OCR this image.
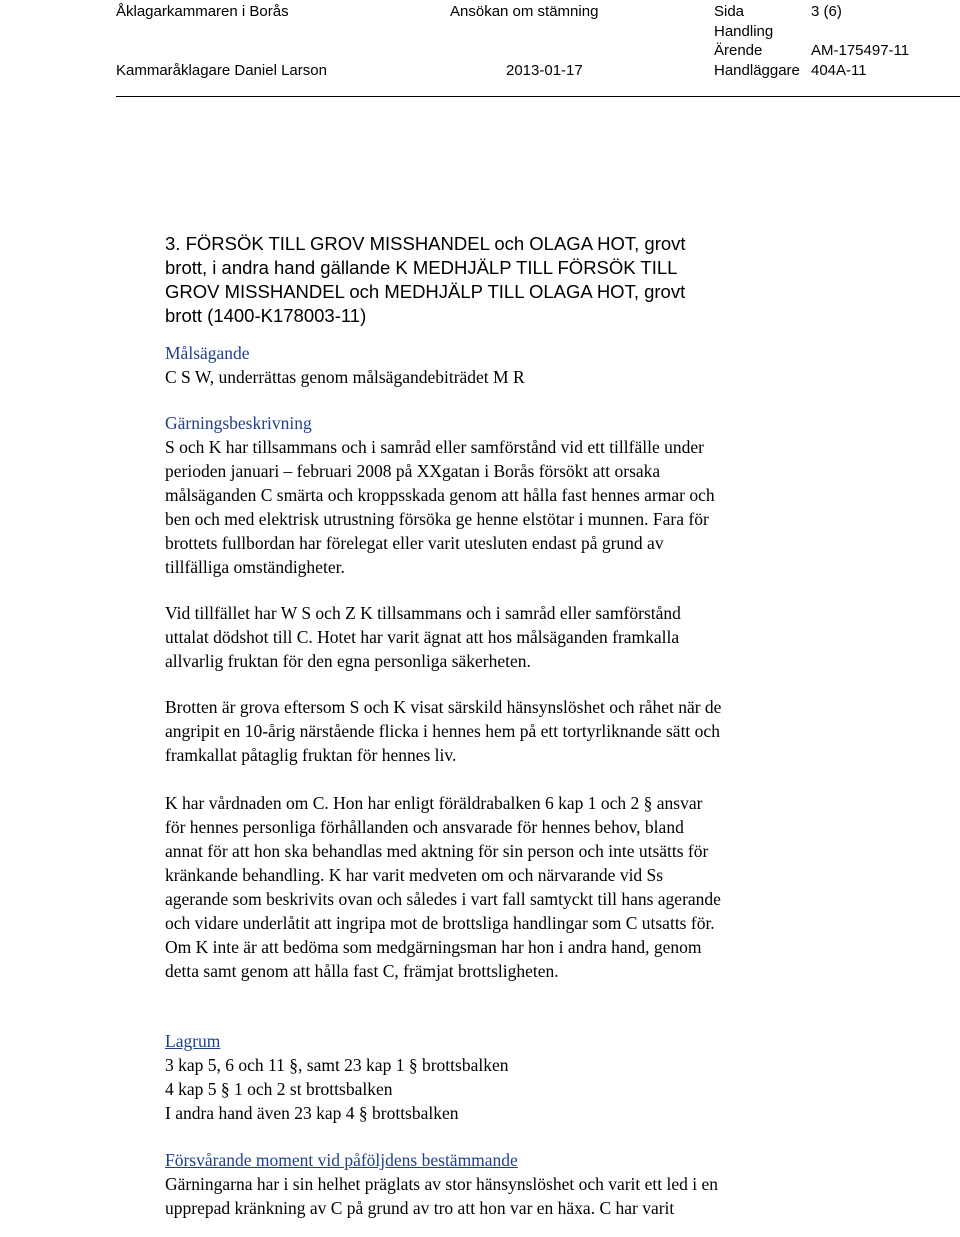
Åklagarkammaren i Borås	Ansökan om stämning	Sida	3 (6)
Handling
Ärende	AM-175497-11
Kammaråklagare Daniel Larson	2013-01-17	Handläggare 404A-11
3. FÖRSÖK TILL GROV MISSHANDEL och OLAGA HOT, grovt
brott, i andra hand gällande K MEDHJÄLP TILL FÖRSÖK TILL
GROV MISSHANDEL och MEDHJÄLP TILL OLAGA HOT, grovt
brott (1400-K178003-11)
Målsägande
C S W, underrättas genom målsägandebiträdet M R
Gärningsbeskrivning
S och K har tillsammans och i samråd eller samförstånd vid ett tillfälle under
perioden januari – februari 2008 på XXgatan i Borås försökt att orsaka
målsäganden C smärta och kroppsskada genom att hålla fast hennes armar och
ben och med elektrisk utrustning försöka ge henne elstötar i munnen. Fara för
brottets fullbordan har förelegat eller varit utesluten endast på grund av
tillfälliga omständigheter.
Vid tillfället har W S och Z K tillsammans och i samråd eller samförstånd
uttalat dödshot till C. Hotet har varit ägnat att hos målsäganden framkalla
allvarlig fruktan för den egna personliga säkerheten.
Brotten är grova eftersom S och K visat särskild hänsynslöshet och råhet när de
angripit en 10-årig närstående flicka i hennes hem på ett tortyrliknande sätt och
framkallat påtaglig fruktan för hennes liv.
K har vårdnaden om C. Hon har enligt föräldrabalken 6 kap 1 och 2 § ansvar
för hennes personliga förhållanden och ansvarade för hennes behov, bland
annat för att hon ska behandlas med aktning för sin person och inte utsätts för
kränkande behandling. K har varit medveten om och närvarande vid Ss
agerande som beskrivits ovan och således i vart fall samtyckt till hans agerande
och vidare underlåtit att ingripa mot de brottsliga handlingar som C utsatts för.
Om K inte är att bedöma som medgärningsman har hon i andra hand, genom
detta samt genom att hålla fast C, främjat brottsligheten.
Lagrum
3 kap 5, 6 och 11 §, samt 23 kap 1 § brottsbalken
4 kap 5 § 1 och 2 st brottsbalken
I andra hand även 23 kap 4 § brottsbalken
Försvårande moment vid påföljdens bestämmande
Gärningarna har i sin helhet präglats av stor hänsynslöshet och varit ett led i en
upprepad kränkning av C på grund av tro att hon var en häxa. C har varit
